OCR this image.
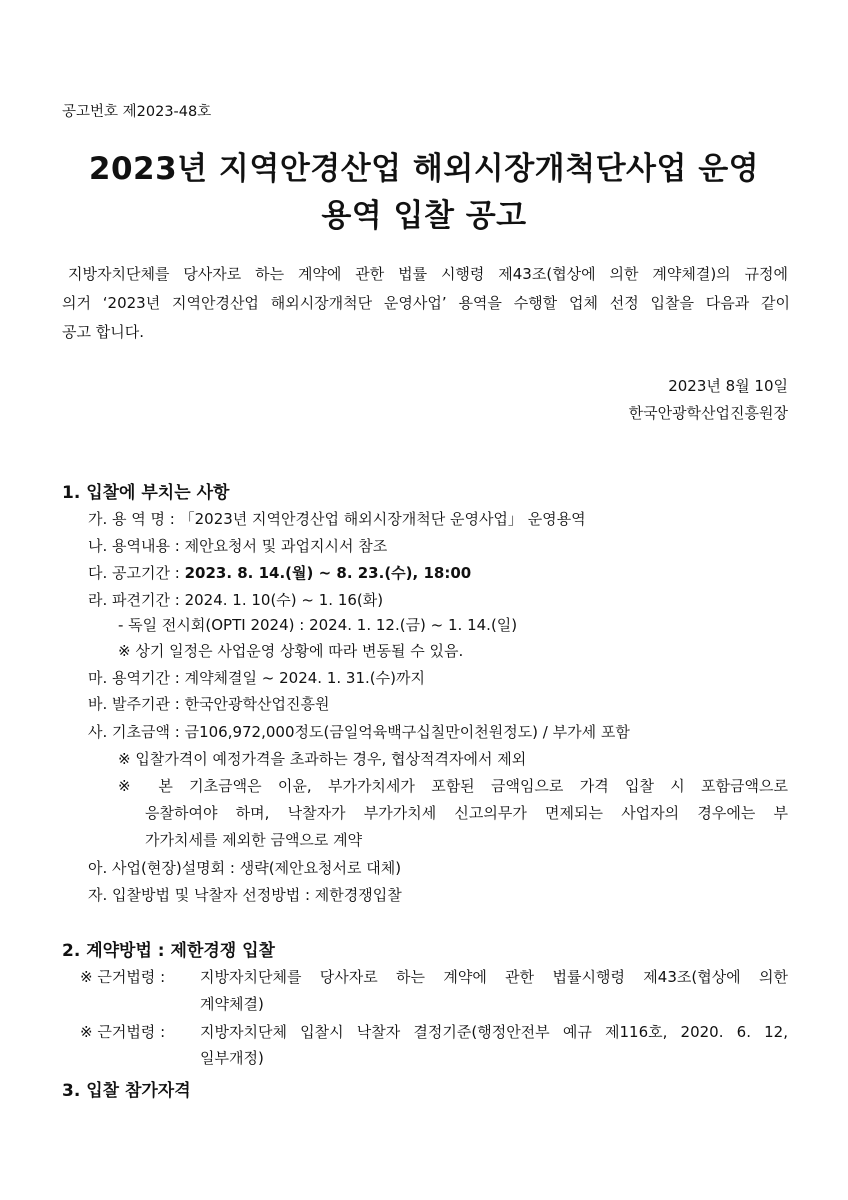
공고번호 제2023-48호
2023년 지역안경산업 해외시장개척단사업 운영
용역 입찰 공고
지방자치단체를 당사자로 하는 계약에 관한 법률 시행령 제43조(협상에 의한 계약체결)의 규정에
의거 ‘2023년 지역안경산업 해외시장개척단 운영사업’ 용역을 수행할 업체 선정 입찰을 다음과 같이
공고 합니다.
2023년 8월 10일
한국안광학산업진흥원장
1. 입찰에 부치는 사항
가. 용 역 명 : 「2023년 지역안경산업 해외시장개척단 운영사업」 운영용역
나. 용역내용 : 제안요청서 및 과업지시서 참조
다. 공고기간 : 2023. 8. 14.(월) ~ 8. 23.(수), 18:00
라. 파견기간 : 2024. 1. 10(수) ~ 1. 16(화)
- 독일 전시회(OPTI 2024) : 2024. 1. 12.(금) ~ 1. 14.(일)
※ 상기 일정은 사업운영 상황에 따라 변동될 수 있음.
마. 용역기간 : 계약체결일 ~ 2024. 1. 31.(수)까지
바. 발주기관 : 한국안광학산업진흥원
사. 기초금액 : 금106,972,000정도(금일억육백구십칠만이천원정도) / 부가세 포함
※ 입찰가격이 예정가격을 초과하는 경우, 협상적격자에서 제외
※ 본 기초금액은 이윤, 부가가치세가 포함된 금액임으로 가격 입찰 시 포함금액으로
응찰하여야 하며, 낙찰자가 부가가치세 신고의무가 면제되는 사업자의 경우에는 부
가가치세를 제외한 금액으로 계약
아. 사업(현장)설명회 : 생략(제안요청서로 대체)
자. 입찰방법 및 낙찰자 선정방법 : 제한경쟁입찰
2. 계약방법 : 제한경쟁 입찰
※ 근거법령 : 지방자치단체를 당사자로 하는 계약에 관한 법률시행령 제43조(협상에 의한
계약체결)
※ 근거법령 : 지방자치단체 입찰시 낙찰자 결정기준(행정안전부 예규 제116호, 2020. 6. 12,
일부개정)
3. 입찰 참가자격
